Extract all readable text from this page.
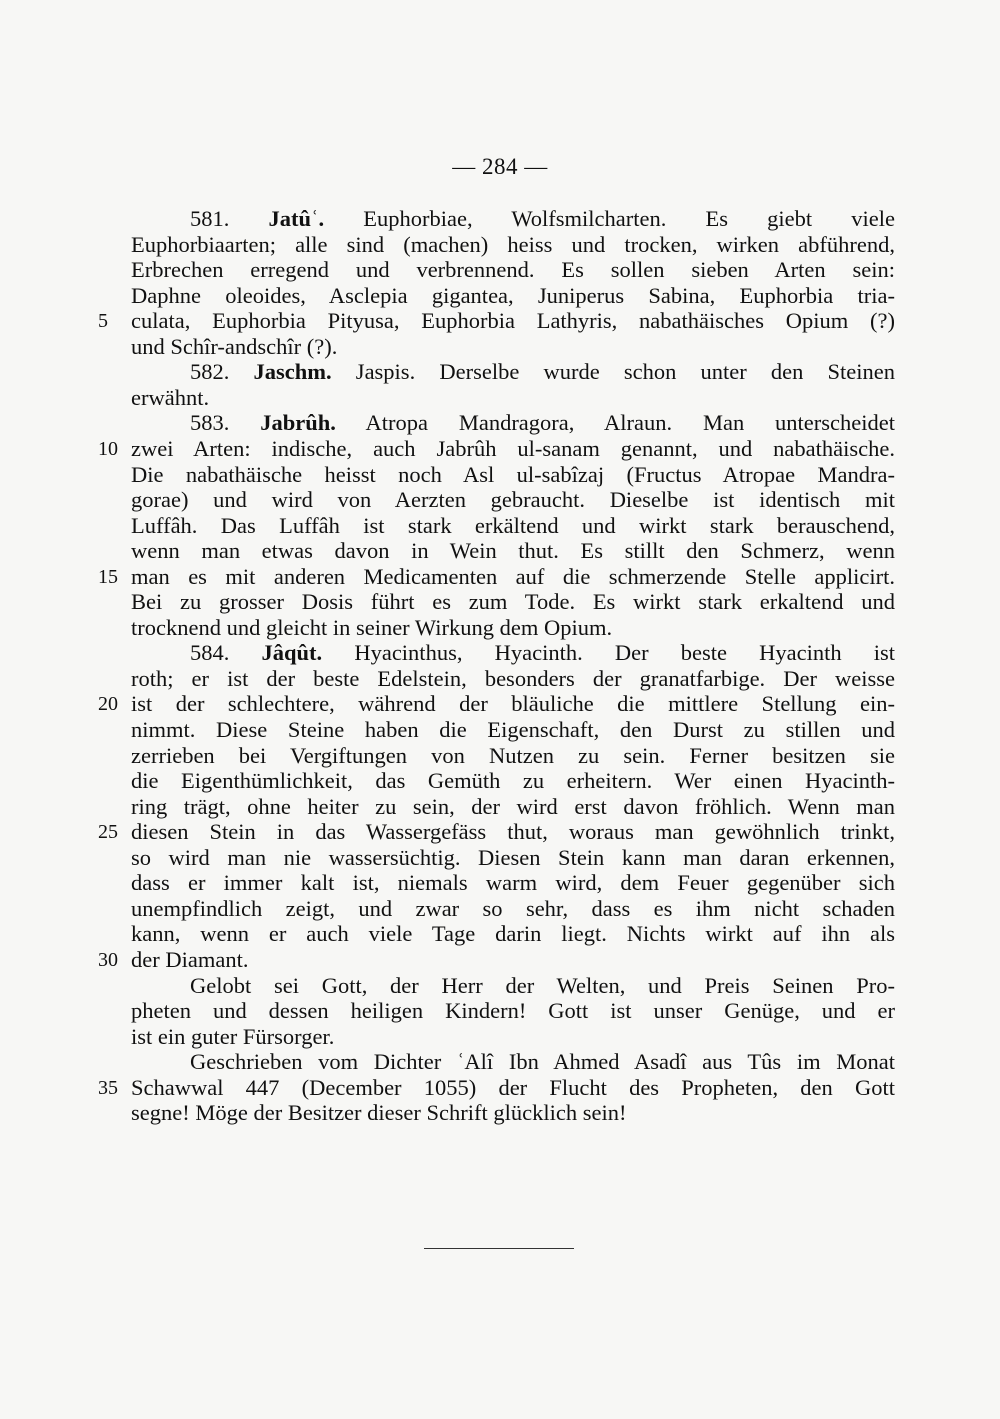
— 284 —
581. Jatûʿ. Euphorbiae, Wolfsmilcharten. Es giebt viele
Euphorbiaarten; alle sind (machen) heiss und trocken, wirken abführend,
Erbrechen erregend und verbrennend. Es sollen sieben Arten sein:
Daphne oleoides, Asclepia gigantea, Juniperus Sabina, Euphorbia tria-
5	culata, Euphorbia Pityusa, Euphorbia Lathyris, nabathäisches Opium (?)
und Schîr-andschîr (?).
582. Jaschm. Jaspis. Derselbe wurde schon unter den Steinen
erwähnt.
583. Jabrûh. Atropa Mandragora, Alraun. Man unterscheidet
10 zwei Arten: indische, auch Jabrûh ul-sanam genannt, und nabathäische.
Die nabathäische heisst noch Asl ul-sabîzaj (Fructus Atropae Mandra-
gorae) und wird von Aerzten gebraucht. Dieselbe ist identisch mit
Luffâh. Das Luffâh ist stark erkältend und wirkt stark berauschend,
wenn man etwas davon in Wein thut. Es stillt den Schmerz, wenn
15 man es mit anderen Medicamenten auf die schmerzende Stelle applicirt.
Bei zu grosser Dosis führt es zum Tode. Es wirkt stark erkaltend und
trocknend und gleicht in seiner Wirkung dem Opium.
584. Jâqût. Hyacinthus, Hyacinth. Der beste Hyacinth ist
roth; er ist der beste Edelstein, besonders der granatfarbige. Der weisse
20 ist der schlechtere, während der bläuliche die mittlere Stellung ein-
nimmt. Diese Steine haben die Eigenschaft, den Durst zu stillen und
zerrieben bei Vergiftungen von Nutzen zu sein. Ferner besitzen sie
die Eigenthümlichkeit, das Gemüth zu erheitern. Wer einen Hyacinth-
ring trägt, ohne heiter zu sein, der wird erst davon fröhlich. Wenn man
25 diesen Stein in das Wassergefäss thut, woraus man gewöhnlich trinkt,
so wird man nie wassersüchtig. Diesen Stein kann man daran erkennen,
dass er immer kalt ist, niemals warm wird, dem Feuer gegenüber sich
unempfindlich zeigt, und zwar so sehr, dass es ihm nicht schaden
kann, wenn er auch viele Tage darin liegt. Nichts wirkt auf ihn als
30 der Diamant.
Gelobt sei Gott, der Herr der Welten, und Preis Seinen Pro-
pheten und dessen heiligen Kindern! Gott ist unser Genüge, und er
ist ein guter Fürsorger.
Geschrieben vom Dichter ʿAlî Ibn Ahmed Asadî aus Tûs im Monat
35 Schawwal 447 (December 1055) der Flucht des Propheten, den Gott
segne! Möge der Besitzer dieser Schrift glücklich sein!
